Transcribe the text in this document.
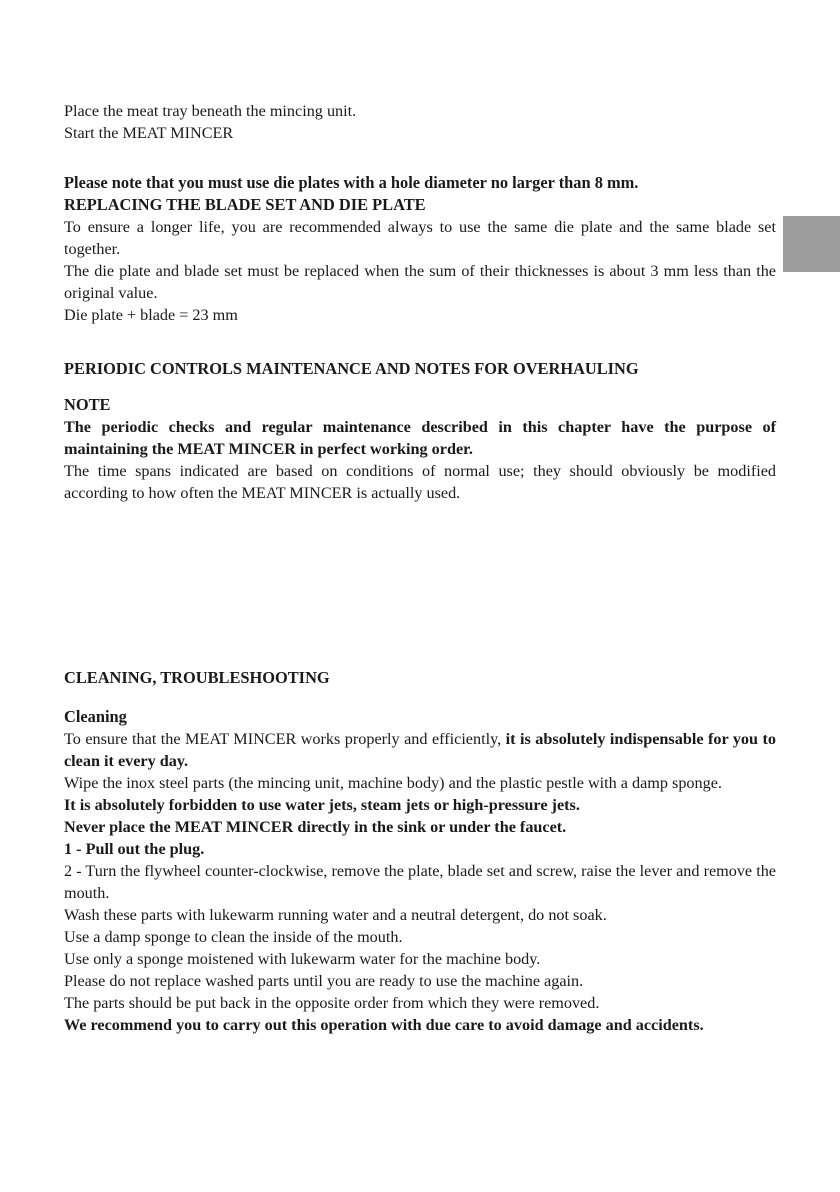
Place the meat tray beneath the mincing unit.
Start the MEAT MINCER
Please note that you must use die plates with a hole diameter no larger than 8 mm.
REPLACING THE BLADE SET AND DIE PLATE
To ensure a longer life, you are recommended always to use the same die plate and the same blade set together.
The die plate and blade set must be replaced when the sum of their thicknesses is about 3 mm less than the original value.
Die plate + blade = 23 mm
PERIODIC CONTROLS MAINTENANCE AND NOTES FOR OVERHAULING
NOTE
The periodic checks and regular maintenance described in this chapter have the purpose of maintaining the MEAT MINCER in perfect working order.
The time spans indicated are based on conditions of normal use; they should obviously be modified according to how often the MEAT MINCER is actually used.
CLEANING, TROUBLESHOOTING
Cleaning
To ensure that the MEAT MINCER works properly and efficiently, it is absolutely indispensable for you to clean it every day.
Wipe the inox steel parts (the mincing unit, machine body) and the plastic pestle with a damp sponge.
It is absolutely forbidden to use water jets, steam jets or high-pressure jets.
Never place the MEAT MINCER directly in the sink or under the faucet.
1 - Pull out the plug.
2 - Turn the flywheel counter-clockwise, remove the plate, blade set and screw, raise the lever and remove the mouth.
Wash these parts with lukewarm running water and a neutral detergent, do not soak.
Use a damp sponge to clean the inside of the mouth.
Use only a sponge moistened with lukewarm water for the machine body.
Please do not replace washed parts until you are ready to use the machine again.
The parts should be put back in the opposite order from which they were removed.
We recommend you to carry out this operation with due care to avoid damage and accidents.
